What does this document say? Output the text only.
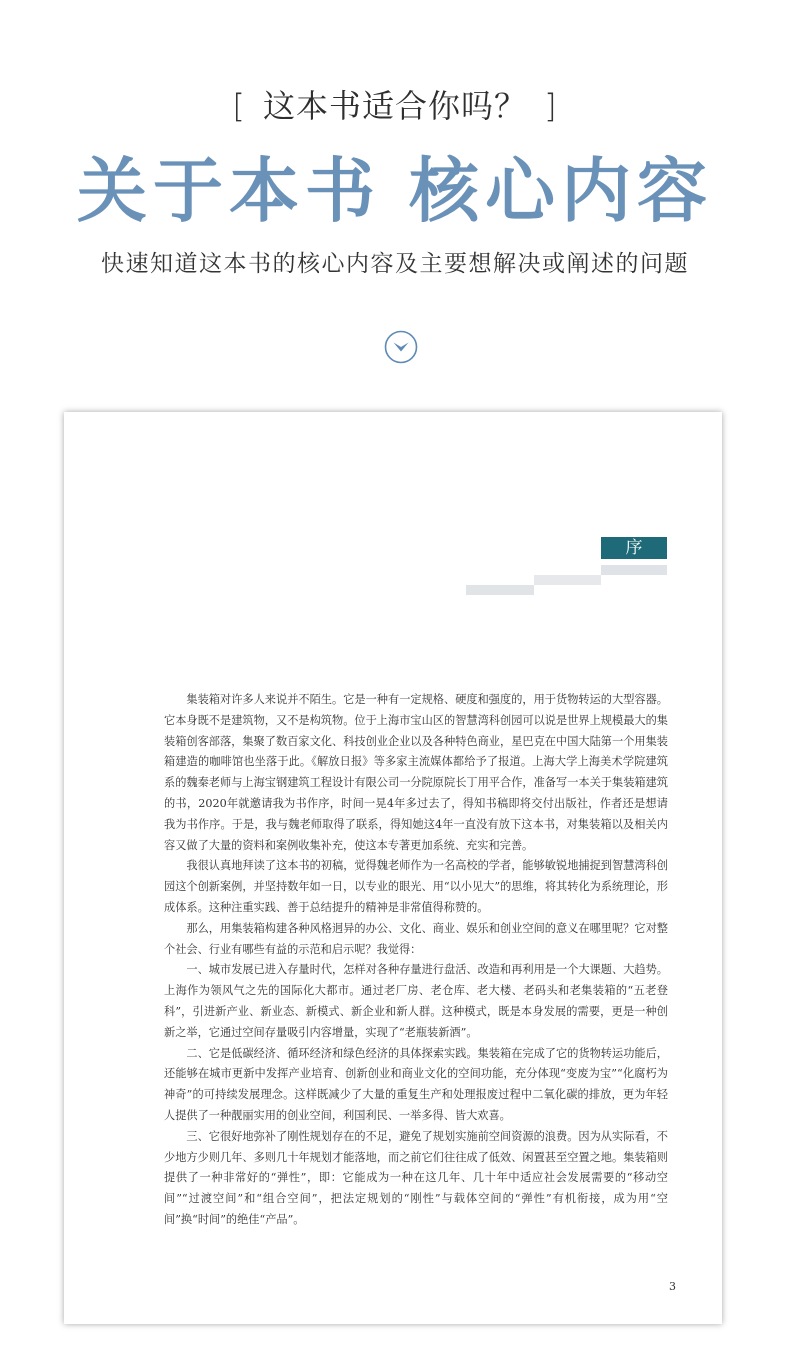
[ 这本书适合你吗？ ]
关于本书 核心内容
快速知道这本书的核心内容及主要想解决或阐述的问题
序
3

集装箱对许多人来说并不陌生。它是一种有一定规格、硬度和强度的，用于货物转运的大型容器。它本身既不是建筑物，又不是构筑物。位于上海市宝山区的智慧湾科创园可以说是世界上规模最大的集装箱创客部落，集聚了数百家文化、科技创业企业以及各种特色商业，星巴克在中国大陆第一个用集装箱建造的咖啡馆也坐落于此。《解放日报》等多家主流媒体都给予了报道。上海大学上海美术学院建筑系的魏秦老师与上海宝钢建筑工程设计有限公司一分院原院长丁用平合作，准备写一本关于集装箱建筑的书，2020年就邀请我为书作序，时间一晃4年多过去了，得知书稿即将交付出版社，作者还是想请我为书作序。于是，我与魏老师取得了联系，得知她这4年一直没有放下这本书，对集装箱以及相关内容又做了大量的资料和案例收集补充，使这本专著更加系统、充实和完善。

我很认真地拜读了这本书的初稿，觉得魏老师作为一名高校的学者，能够敏锐地捕捉到智慧湾科创园这个创新案例，并坚持数年如一日，以专业的眼光、用“以小见大”的思维，将其转化为系统理论，形成体系。这种注重实践、善于总结提升的精神是非常值得称赞的。

那么，用集装箱构建各种风格迥异的办公、文化、商业、娱乐和创业空间的意义在哪里呢？它对整个社会、行业有哪些有益的示范和启示呢？我觉得：

一、城市发展已进入存量时代，怎样对各种存量进行盘活、改造和再利用是一个大课题、大趋势。上海作为领风气之先的国际化大都市。通过老厂房、老仓库、老大楼、老码头和老集装箱的“五老登科”，引进新产业、新业态、新模式、新企业和新人群。这种模式，既是本身发展的需要，更是一种创新之举，它通过空间存量吸引内容增量，实现了“老瓶装新酒”。

二、它是低碳经济、循环经济和绿色经济的具体探索实践。集装箱在完成了它的货物转运功能后，还能够在城市更新中发挥产业培育、创新创业和商业文化的空间功能，充分体现“变废为宝”“化腐朽为神奇”的可持续发展理念。这样既减少了大量的重复生产和处理报废过程中二氧化碳的排放，更为年轻人提供了一种靓丽实用的创业空间，利国利民、一举多得、皆大欢喜。

三、它很好地弥补了刚性规划存在的不足，避免了规划实施前空间资源的浪费。因为从实际看，不少地方少则几年、多则几十年规划才能落地，而之前它们往往成了低效、闲置甚至空置之地。集装箱则提供了一种非常好的“弹性”，即：它能成为一种在这几年、几十年中适应社会发展需要的“移动空间”“过渡空间”和“组合空间”，把法定规划的“刚性”与载体空间的“弹性”有机衔接，成为用“空间”换“时间”的绝佳“产品”。
